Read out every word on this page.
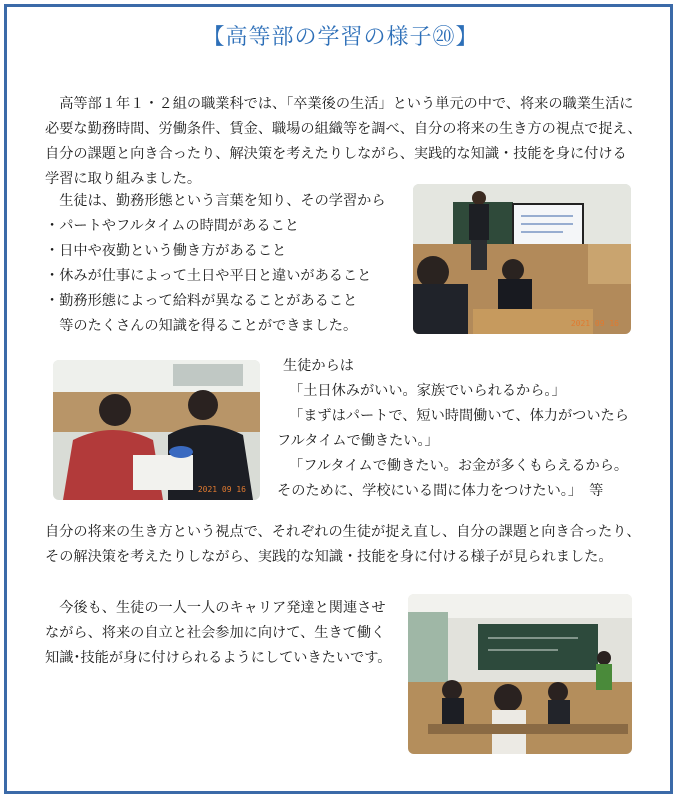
【高等部の学習の様子⑳】

　高等部１年１・２組の職業科では、「卒業後の生活」という単元の中で、将来の職業生活に
必要な勤務時間、労働条件、賃金、職場の組織等を調べ、自分の将来の生き方の視点で捉え、
自分の課題と向き合ったり、解決策を考えたりしながら、実践的な知識・技能を身に付ける
学習に取り組みました。

　生徒は、勤務形態という言葉を知り、その学習から
・パートやフルタイムの時間があること
・日中や夜勤という働き方があること
・休みが仕事によって土日や平日と違いがあること
・勤務形態によって給料が異なることがあること
　等のたくさんの知識を得ることができました。	2021 09 16
2021 09 16

生徒からは
「土日休みがいい。家族でいられるから。」
「まずはパートで、短い時間働いて、体力がついたら
フルタイムで働きたい。」
「フルタイムで働きたい。お金が多くもらえるから。
そのために、学校にいる間に体力をつけたい。」　等

自分の将来の生き方という視点で、それぞれの生徒が捉え直し、自分の課題と向き合ったり、
その解決策を考えたりしながら、実践的な知識・技能を身に付ける様子が見られました。

　今後も、生徒の一人一人のキャリア発達と関連させ
ながら、将来の自立と社会参加に向けて、生きて働く
知識･技能が身に付けられるようにしていきたいです。
